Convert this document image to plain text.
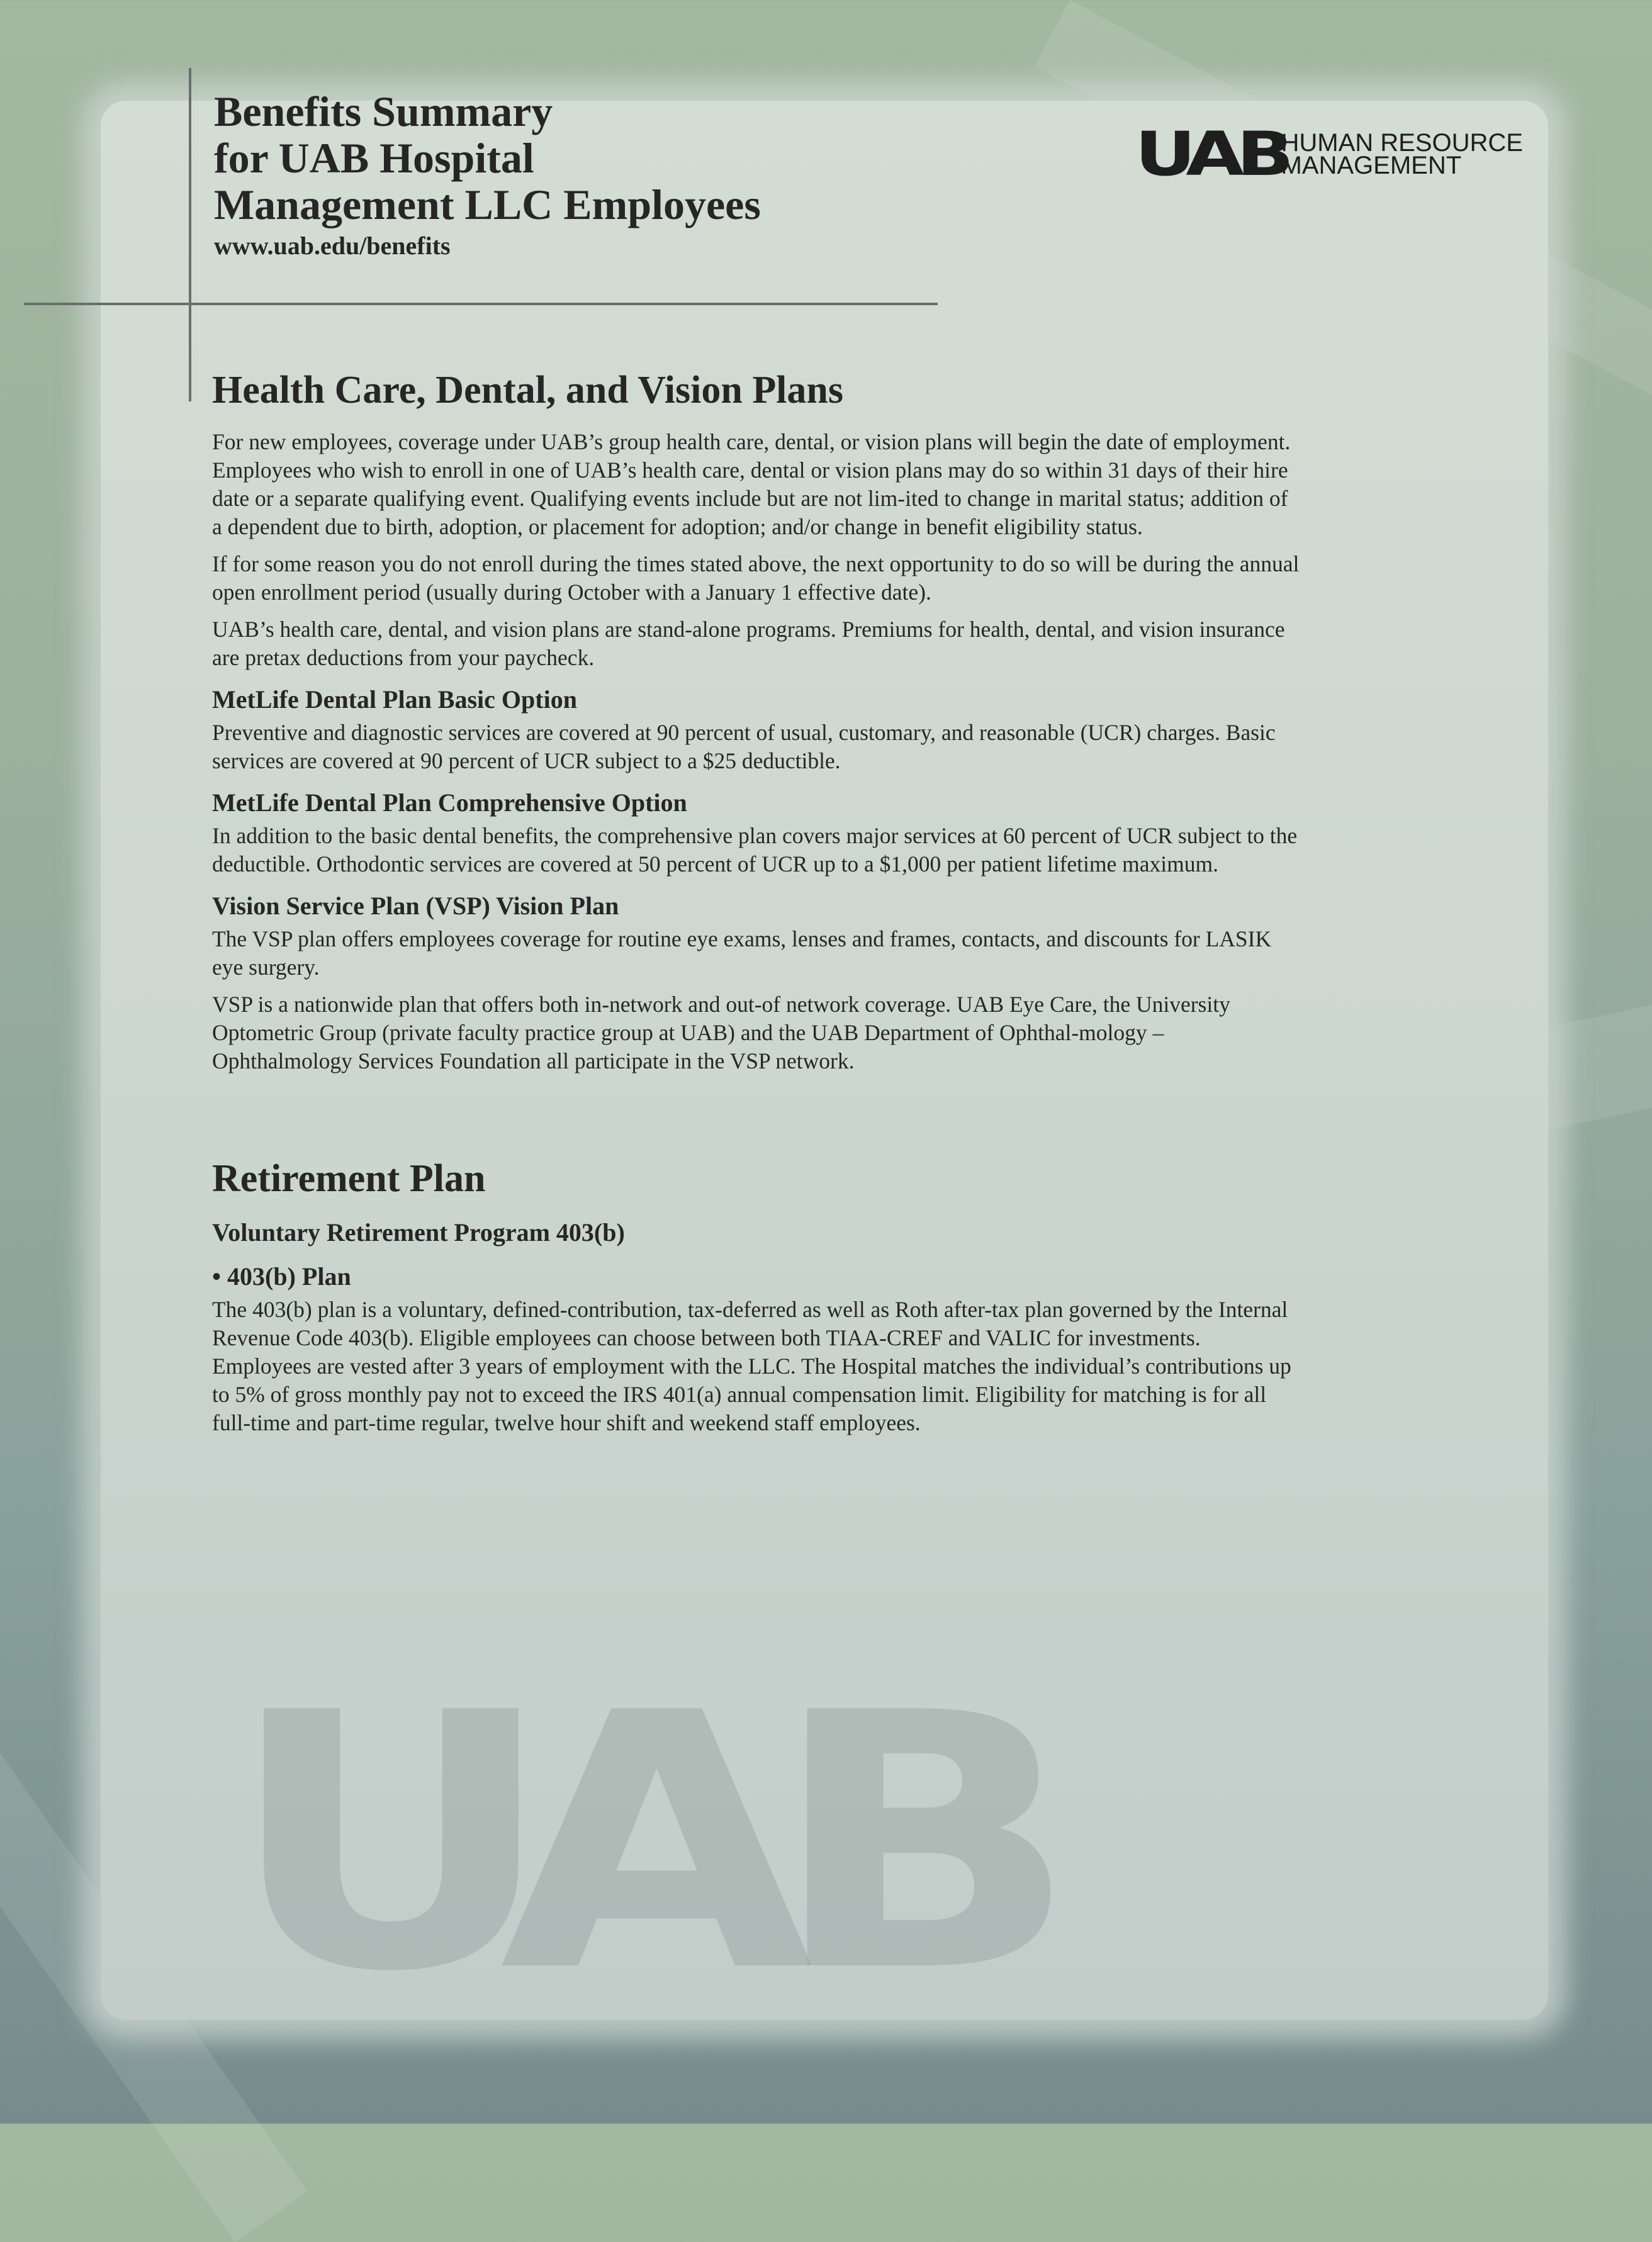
Benefits Summary
for UAB Hospital
Management LLC Employees
www.uab.edu/benefits
UAB
HUMAN RESOURCE
MANAGEMENT
Health Care, Dental, and Vision Plans

For new employees, coverage under UAB’s group health care, dental, or vision plans will begin the date of employment. Employees who wish to enroll in one of UAB’s health care, dental or vision plans may do so within 31 days of their hire date or a separate qualifying event. Qualifying events include but are not lim-ited to change in marital status; addition of a dependent due to birth, adoption, or placement for adoption; and/or change in benefit eligibility status.

If for some reason you do not enroll during the times stated above, the next opportunity to do so will be during the annual open enrollment period (usually during October with a January 1 effective date).

UAB’s health care, dental, and vision plans are stand-alone programs. Premiums for health, dental, and vision insurance are pretax deductions from your paycheck.

MetLife Dental Plan Basic Option

Preventive and diagnostic services are covered at 90 percent of usual, customary, and reasonable (UCR) charges. Basic services are covered at 90 percent of UCR subject to a $25 deductible.

MetLife Dental Plan Comprehensive Option

In addition to the basic dental benefits, the comprehensive plan covers major services at 60 percent of UCR subject to the deductible. Orthodontic services are covered at 50 percent of UCR up to a $1,000 per patient lifetime maximum.

Vision Service Plan (VSP) Vision Plan

The VSP plan offers employees coverage for routine eye exams, lenses and frames, contacts, and discounts for LASIK eye surgery.

VSP is a nationwide plan that offers both in-network and out-of network coverage. UAB Eye Care, the University Optometric Group (private faculty practice group at UAB) and the UAB Department of Ophthal-mology – Ophthalmology Services Foundation all participate in the VSP network.

Retirement Plan
Voluntary Retirement Program 403(b)
• 403(b) Plan

The 403(b) plan is a voluntary, defined-contribution, tax-deferred as well as Roth after-tax plan governed by the Internal Revenue Code 403(b). Eligible employees can choose between both TIAA-CREF and VALIC for investments. Employees are vested after 3 years of employment with the LLC. The Hospital matches the individual’s contributions up to 5% of gross monthly pay not to exceed the IRS 401(a) annual compensation limit. Eligibility for matching is for all full-time and part-time regular, twelve hour shift and weekend staff employees.

UAB
